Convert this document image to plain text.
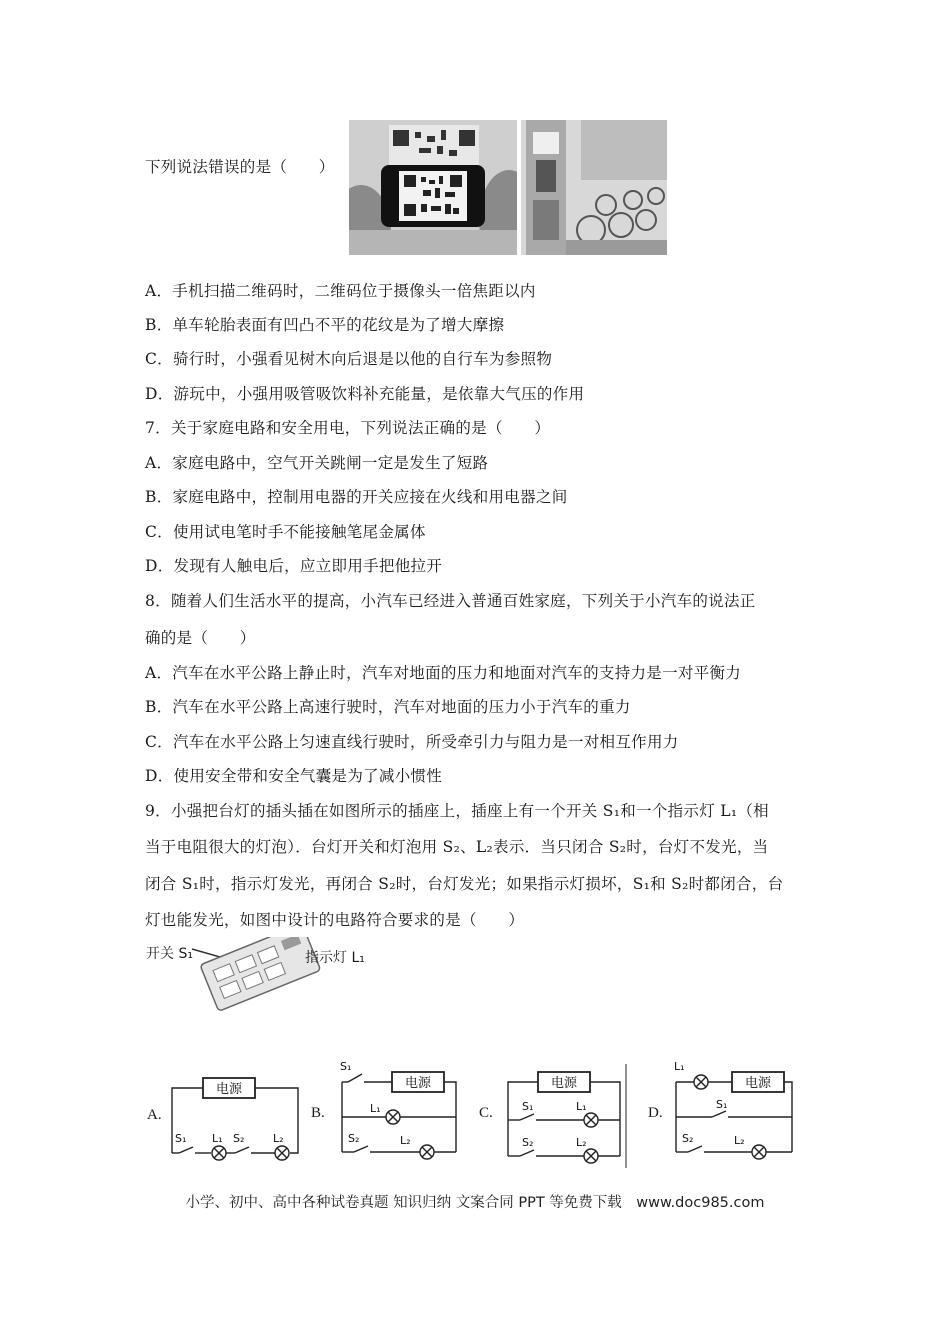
下列说法错误的是（　　）
A．手机扫描二维码时，二维码位于摄像头一倍焦距以内
B．单车轮胎表面有凹凸不平的花纹是为了增大摩擦
C．骑行时，小强看见树木向后退是以他的自行车为参照物
D．游玩中，小强用吸管吸饮料补充能量，是依靠大气压的作用
7．关于家庭电路和安全用电，下列说法正确的是（　　）
A．家庭电路中，空气开关跳闸一定是发生了短路
B．家庭电路中，控制用电器的开关应接在火线和用电器之间
C．使用试电笔时手不能接触笔尾金属体
D．发现有人触电后，应立即用手把他拉开
8．随着人们生活水平的提高，小汽车已经进入普通百姓家庭，下列关于小汽车的说法正
确的是（　　）
A．汽车在水平公路上静止时，汽车对地面的压力和地面对汽车的支持力是一对平衡力
B．汽车在水平公路上高速行驶时，汽车对地面的压力小于汽车的重力
C．汽车在水平公路上匀速直线行驶时，所受牵引力与阻力是一对相互作用力
D．使用安全带和安全气囊是为了减小惯性
9．小强把台灯的插头插在如图所示的插座上，插座上有一个开关 S₁和一个指示灯 L₁（相
当于电阻很大的灯泡）．台灯开关和灯泡用 S₂、L₂表示．当只闭合 S₂时，台灯不发光，当
闭合 S₁时，指示灯发光，再闭合 S₂时，台灯发光；如果指示灯损坏，S₁和 S₂时都闭合，台
灯也能发光，如图中设计的电路符合要求的是（　　）
开关 S₁	指示灯 L₁
A.	B.	C.	D.
电源
S₁ L₁ S₂	L₂
电源
S₁
L₁
S₂	L₂
电源
S₁	L₁
S₂	L₂
电源
L₁
S₁
S₂	L₂
小学、初中、高中各种试卷真题 知识归纳 文案合同 PPT 等免费下载　www.doc985.com
